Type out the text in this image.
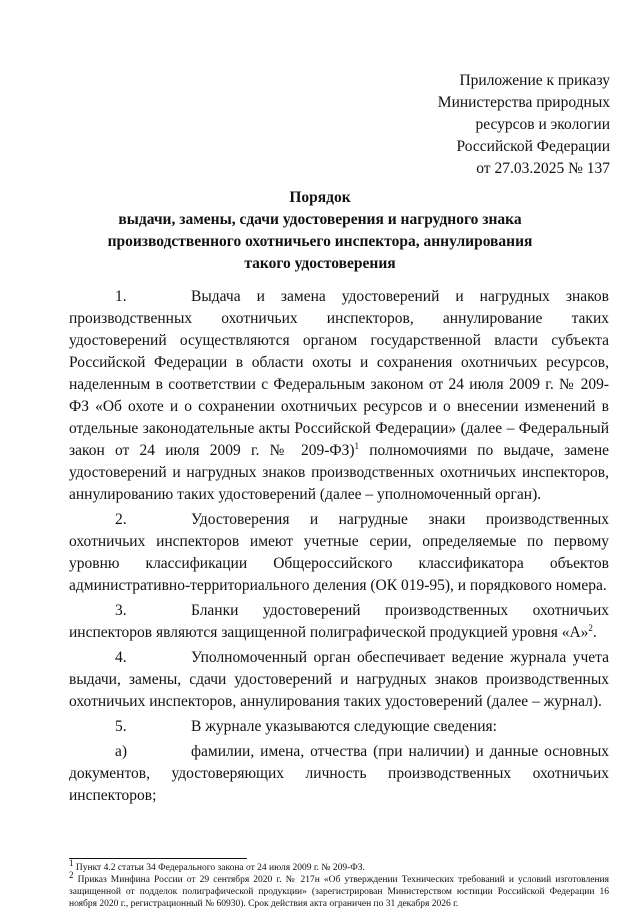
Приложение к приказу
Министерства природных
ресурсов и экологии
Российской Федерации
от 27.03.2025 № 137
Порядок
выдачи, замены, сдачи удостоверения и нагрудного знака
производственного охотничьего инспектора, аннулирования
такого удостоверения

1.	Выдача и замена удостоверений и нагрудных знаков производственных охотничьих инспекторов, аннулирование таких удостоверений осуществляются органом государственной власти субъекта Российской Федерации в области охоты и сохранения охотничьих ресурсов, наделенным в соответствии с Федеральным законом от 24 июля 2009 г. № 209-ФЗ «Об охоте и о сохранении охотничьих ресурсов и о внесении изменений в отдельные законодательные акты Российской Федерации» (далее – Федеральный закон от 24 июля 2009 г. № 209-ФЗ)$^1$ полномочиями по выдаче, замене удостоверений и нагрудных знаков производственных охотничьих инспекторов, аннулированию таких удостоверений (далее – уполномоченный орган).

2.	Удостоверения и нагрудные знаки производственных охотничьих инспекторов имеют учетные серии, определяемые по первому уровню классификации Общероссийского классификатора объектов административно-территориального деления (ОК 019-95), и порядкового номера.

3.	Бланки удостоверений производственных охотничьих инспекторов являются защищенной полиграфической продукцией уровня «А»$^2$.

4.	Уполномоченный орган обеспечивает ведение журнала учета выдачи, замены, сдачи удостоверений и нагрудных знаков производственных охотничьих инспекторов, аннулирования таких удостоверений (далее – журнал).

5.	В журнале указываются следующие сведения:

а)	фамилии, имена, отчества (при наличии) и данные основных документов, удостоверяющих личность производственных охотничьих инспекторов;

$^1$ Пункт 4.2 статьи 34 Федерального закона от 24 июля 2009 г. № 209-ФЗ.
$^2$ Приказ Минфина России от 29 сентября 2020 г. № 217н «Об утверждении Технических требований и условий изготовления защищенной от подделок полиграфической продукции» (зарегистрирован Министерством юстиции Российской Федерации 16 ноября 2020 г., регистрационный № 60930). Срок действия акта ограничен по 31 декабря 2026 г.
